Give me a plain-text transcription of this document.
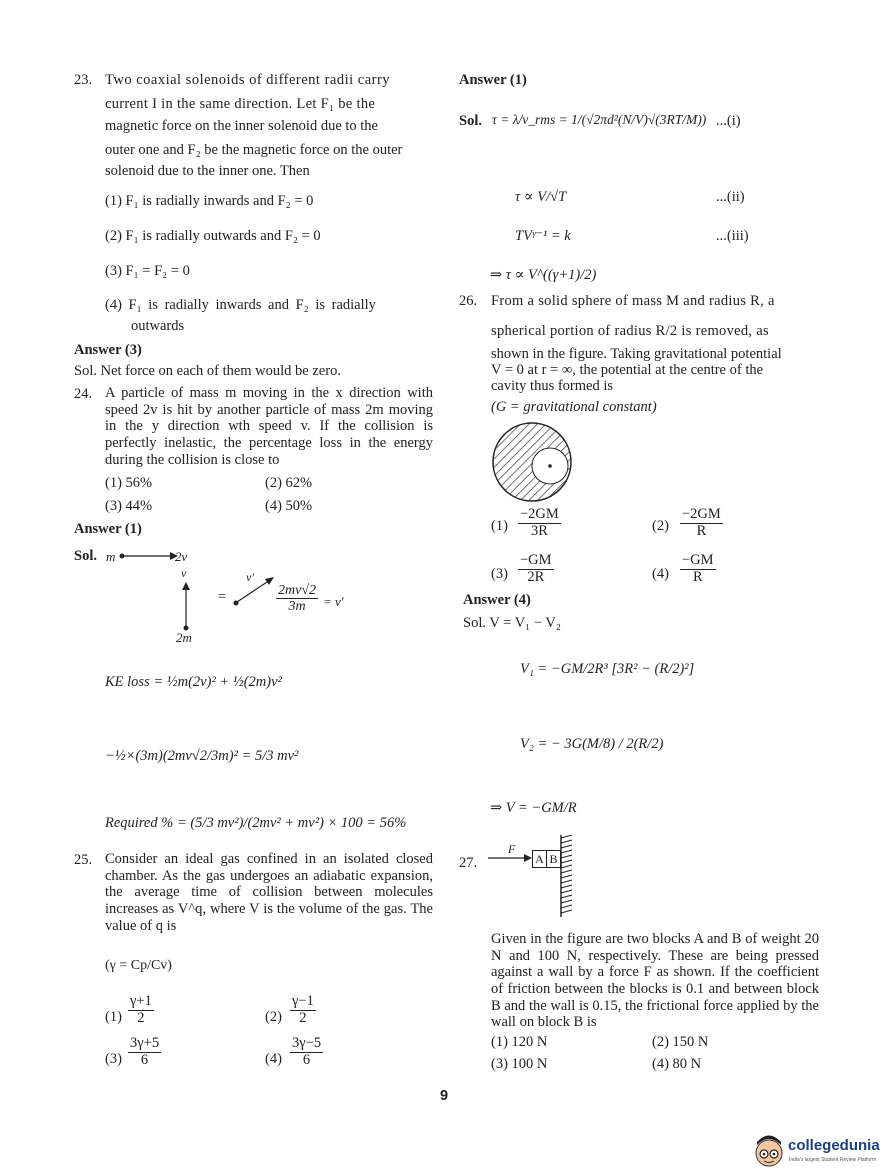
23. Two coaxial solenoids of different radii carry
current I in the same direction. Let F₁ be the
magnetic force on the inner solenoid due to the
outer one and F₂ be the magnetic force on the outer
solenoid due to the inner one. Then
(1) F₁ is radially inwards and F₂ = 0
(2) F₁ is radially outwards and F₂ = 0
(3) F₁ = F₂ = 0
(4) F₁ is radially inwards and F₂ is radially
outwards
Answer (3)
Sol. Net force on each of them would be zero.
24. A particle of mass m moving in the x direction with speed 2v is hit by another particle of mass 2m moving in the y direction wth speed v. If the collision is perfectly inelastic, the percentage loss in the energy during the collision is close to
(1) 56%	(2) 62%
(3) 44%	(4) 50%
Answer (1)
Sol. m	2v
v
2m
=
v'
$\frac{2mv√2}{3m} = v'$
KE loss = ½m(2v)² + ½(2m)v²
−½×(3m)(2mv√2/3m)² = 5/3 mv²
Required % = (5/3 mv²)/(2mv² + mv²) × 100 = 56%
25. Consider an ideal gas confined in an isolated closed chamber. As the gas undergoes an adiabatic expansion, the average time of collision between molecules increases as V^q, where V is the volume of the gas. The value of q is
(γ = Cp/Cv)
$(1) \frac{\gamma+1}{2}$	$(2) \frac{\gamma-1}{2}$
$(3) \frac{3\gamma+5}{6}$	$(4) \frac{3\gamma-5}{6}$
Answer (1)
Sol. τ = λ/v_rms = 1/(√2πd²(N/V)√(3RT/M)) ...(i)
τ ∝ V/√T	...(ii)
TVᵞ⁻¹ = k	...(iii)
⇒ τ ∝ V^((γ+1)/2)
26. From a solid sphere of mass M and radius R, a
spherical portion of radius R/2 is removed, as
shown in the figure. Taking gravitational potential
V = 0 at r = ∞, the potential at the centre of the
cavity thus formed is
(G = gravitational constant)
$(1) \frac{-2GM}{3R}$	$(2) \frac{-2GM}{R}$
$(3) \frac{-GM}{2R}$	$(4) \frac{-GM}{R}$
Answer (4)
Sol. V = V₁ − V₂
V₁ = −GM/2R³ [3R² − (R/2)²]
V₂ = − 3G(M/8) / 2(R/2)
⇒ V = −GM/R
27.
F
A B
Given in the figure are two blocks A and B of weight 20 N and 100 N, respectively. These are being pressed against a wall by a force F as shown. If the coefficient of friction between the blocks is 0.1 and between block B and the wall is 0.15, the frictional force applied by the wall on block B is
(1) 120 N	(2) 150 N
(3) 100 N	(4) 80 N
9
collegedunia
India's largest Student Review Platform
